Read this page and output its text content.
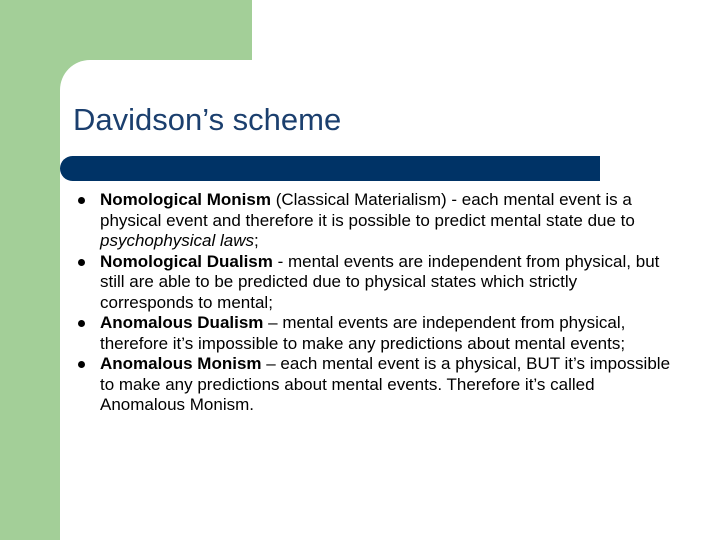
Davidson’s scheme
Nomological Monism (Classical Materialism) - each mental event is a physical event and therefore it is possible to predict mental state due to psychophysical laws;
Nomological Dualism - mental events are independent from physical, but still are able to be predicted due to physical states which strictly corresponds to mental;
Anomalous Dualism – mental events are independent from physical, therefore it’s impossible to make any predictions about mental events;
Anomalous Monism – each mental event is a physical, BUT it’s impossible to make any predictions about mental events. Therefore it’s called Anomalous Monism.
